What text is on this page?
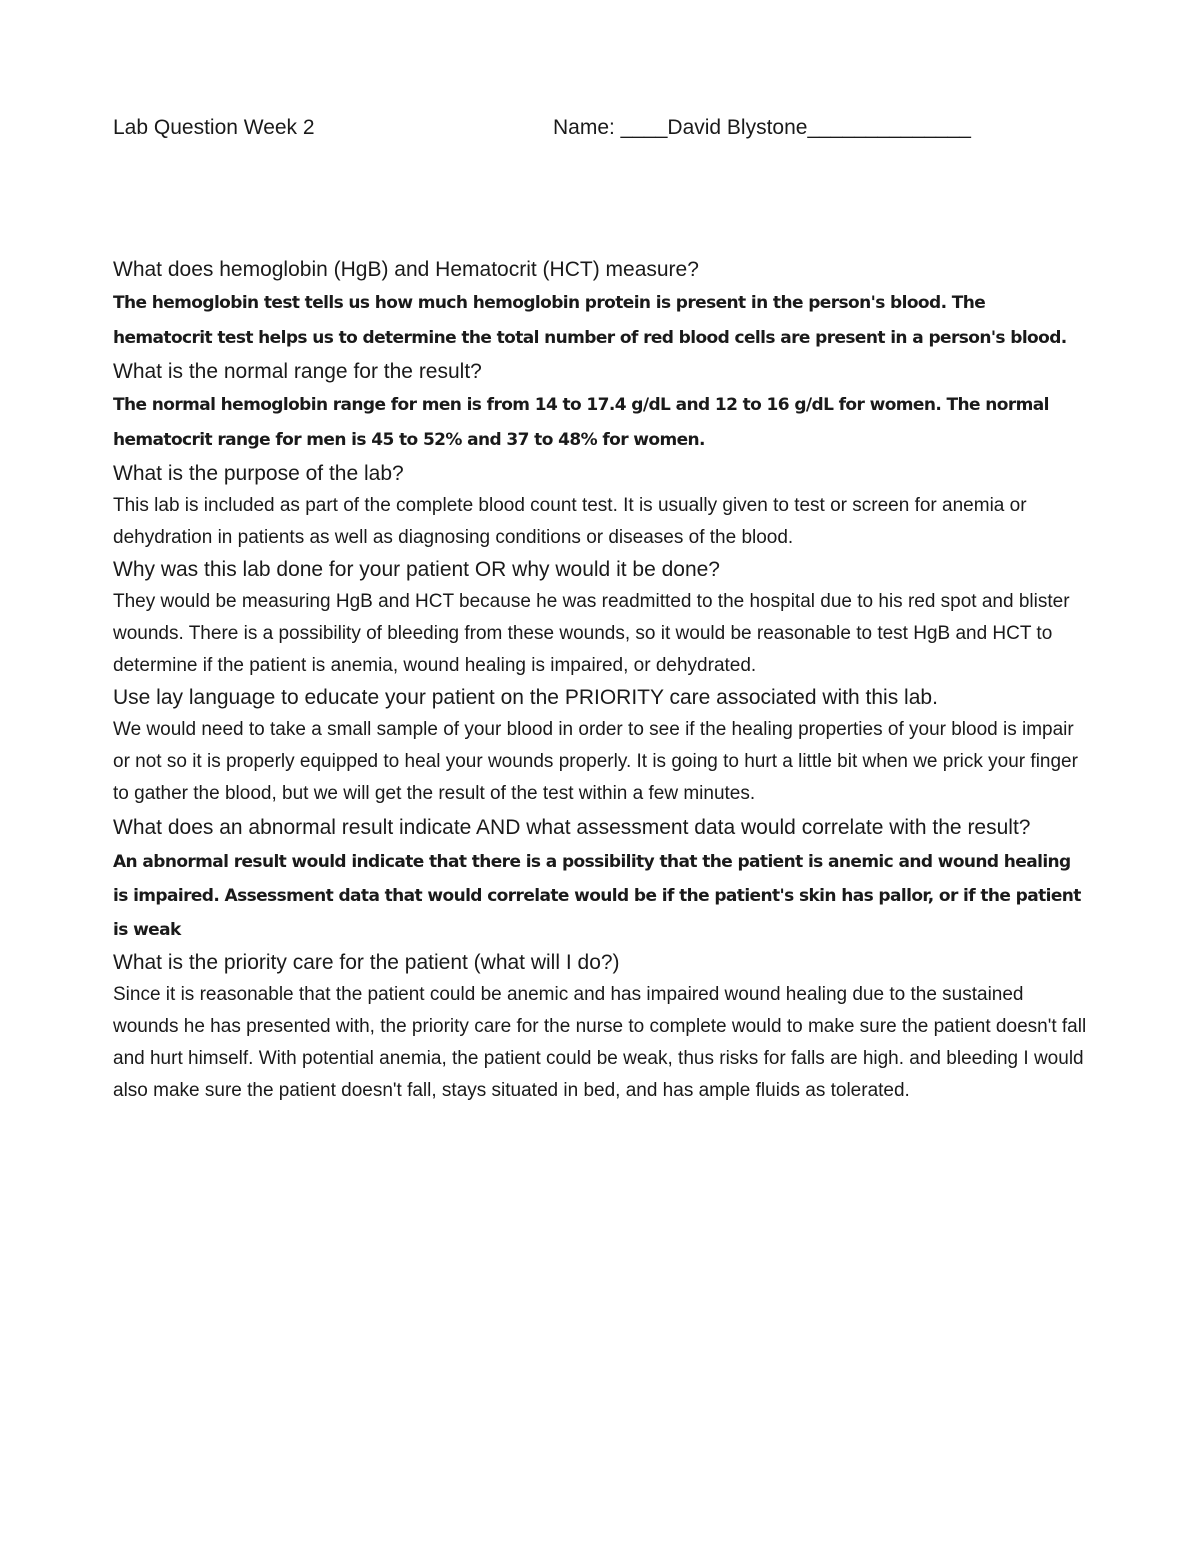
Lab Question Week 2	Name: ____David Blystone______________

What does hemoglobin (HgB) and Hematocrit (HCT) measure?

The hemoglobin test tells us how much hemoglobin protein is present in the person's blood. The hematocrit test helps us to determine the total number of red blood cells are present in a person's blood.

What is the normal range for the result?

The normal hemoglobin range for men is from 14 to 17.4 g/dL and 12 to 16 g/dL for women. The normal hematocrit range for men is 45 to 52% and 37 to 48% for women.

What is the purpose of the lab?

This lab is included as part of the complete blood count test. It is usually given to test or screen for anemia or dehydration in patients as well as diagnosing conditions or diseases of the blood.

Why was this lab done for your patient OR why would it be done?

They would be measuring HgB and HCT because he was readmitted to the hospital due to his red spot and blister wounds. There is a possibility of bleeding from these wounds, so it would be reasonable to test HgB and HCT to determine if the patient is anemia, wound healing is impaired, or dehydrated.

Use lay language to educate your patient on the PRIORITY care associated with this lab.

We would need to take a small sample of your blood in order to see if the healing properties of your blood is impair or not so it is properly equipped to heal your wounds properly. It is going to hurt a little bit when we prick your finger to gather the blood, but we will get the result of the test within a few minutes.

What does an abnormal result indicate AND what assessment data would correlate with the result?

An abnormal result would indicate that there is a possibility that the patient is anemic and wound healing is impaired. Assessment data that would correlate would be if the patient's skin has pallor, or if the patient is weak

What is the priority care for the patient (what will I do?)

Since it is reasonable that the patient could be anemic and has impaired wound healing due to the sustained wounds he has presented with, the priority care for the nurse to complete would to make sure the patient doesn't fall and hurt himself. With potential anemia, the patient could be weak, thus risks for falls are high. and bleeding I would also make sure the patient doesn't fall, stays situated in bed, and has ample fluids as tolerated.
